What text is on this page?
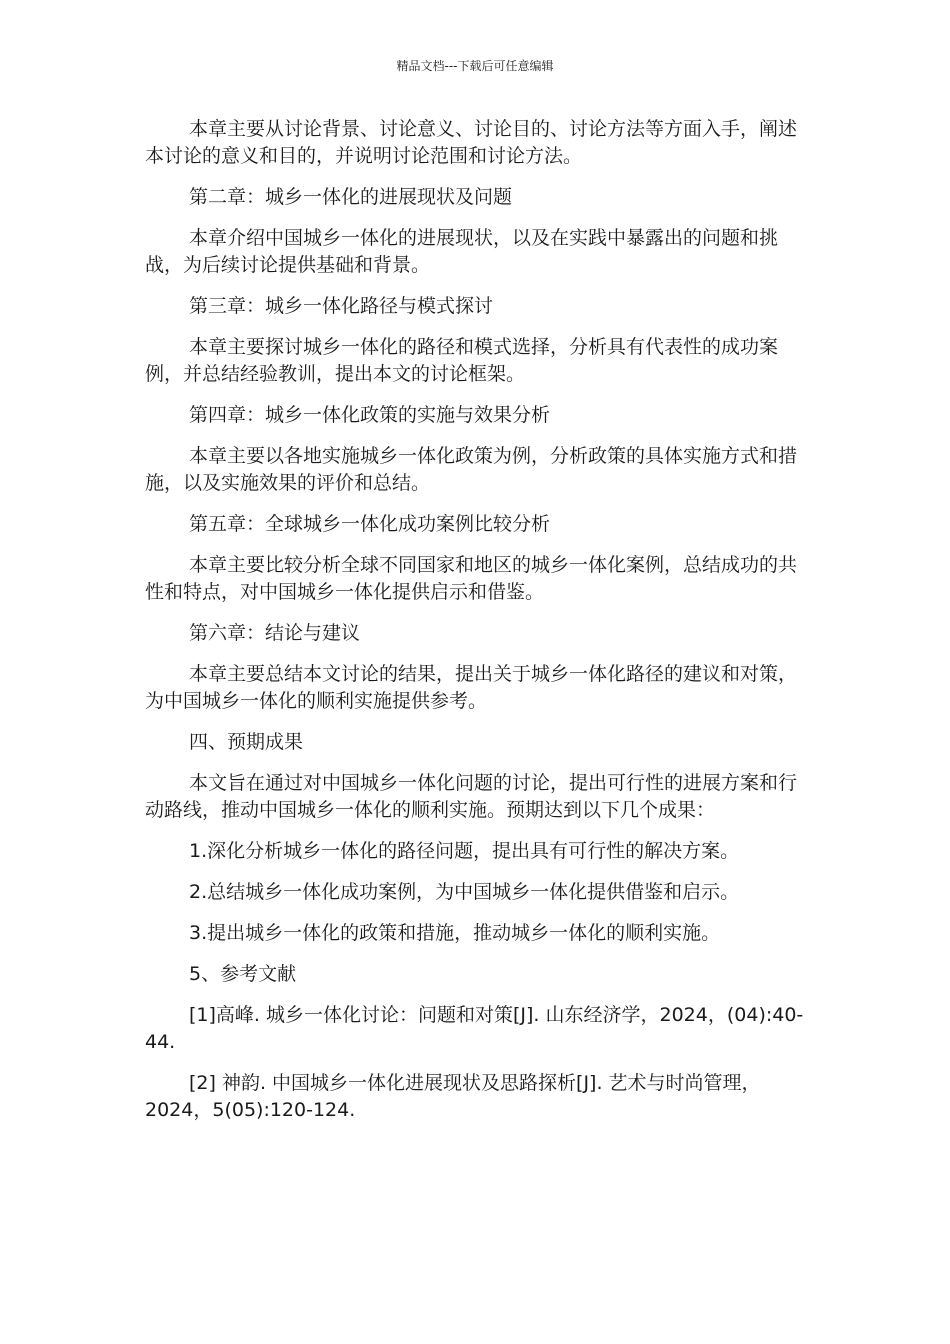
精品文档---下载后可任意编辑

本章主要从讨论背景、讨论意义、讨论目的、讨论方法等方面入手，阐述本讨论的意义和目的，并说明讨论范围和讨论方法。

第二章：城乡一体化的进展现状及问题

本章介绍中国城乡一体化的进展现状，以及在实践中暴露出的问题和挑战，为后续讨论提供基础和背景。

第三章：城乡一体化路径与模式探讨

本章主要探讨城乡一体化的路径和模式选择，分析具有代表性的成功案例，并总结经验教训，提出本文的讨论框架。

第四章：城乡一体化政策的实施与效果分析

本章主要以各地实施城乡一体化政策为例，分析政策的具体实施方式和措施，以及实施效果的评价和总结。

第五章：全球城乡一体化成功案例比较分析

本章主要比较分析全球不同国家和地区的城乡一体化案例，总结成功的共性和特点，对中国城乡一体化提供启示和借鉴。

第六章：结论与建议

本章主要总结本文讨论的结果，提出关于城乡一体化路径的建议和对策，为中国城乡一体化的顺利实施提供参考。

四、预期成果

本文旨在通过对中国城乡一体化问题的讨论，提出可行性的进展方案和行动路线，推动中国城乡一体化的顺利实施。预期达到以下几个成果：

1.深化分析城乡一体化的路径问题，提出具有可行性的解决方案。

2.总结城乡一体化成功案例，为中国城乡一体化提供借鉴和启示。

3.提出城乡一体化的政策和措施，推动城乡一体化的顺利实施。

5、参考文献

[1]高峰. 城乡一体化讨论：问题和对策[J]. 山东经济学，2024，(04):40-44.

[2] 神韵. 中国城乡一体化进展现状及思路探析[J]. 艺术与时尚管理，2024，5(05):120-124.
